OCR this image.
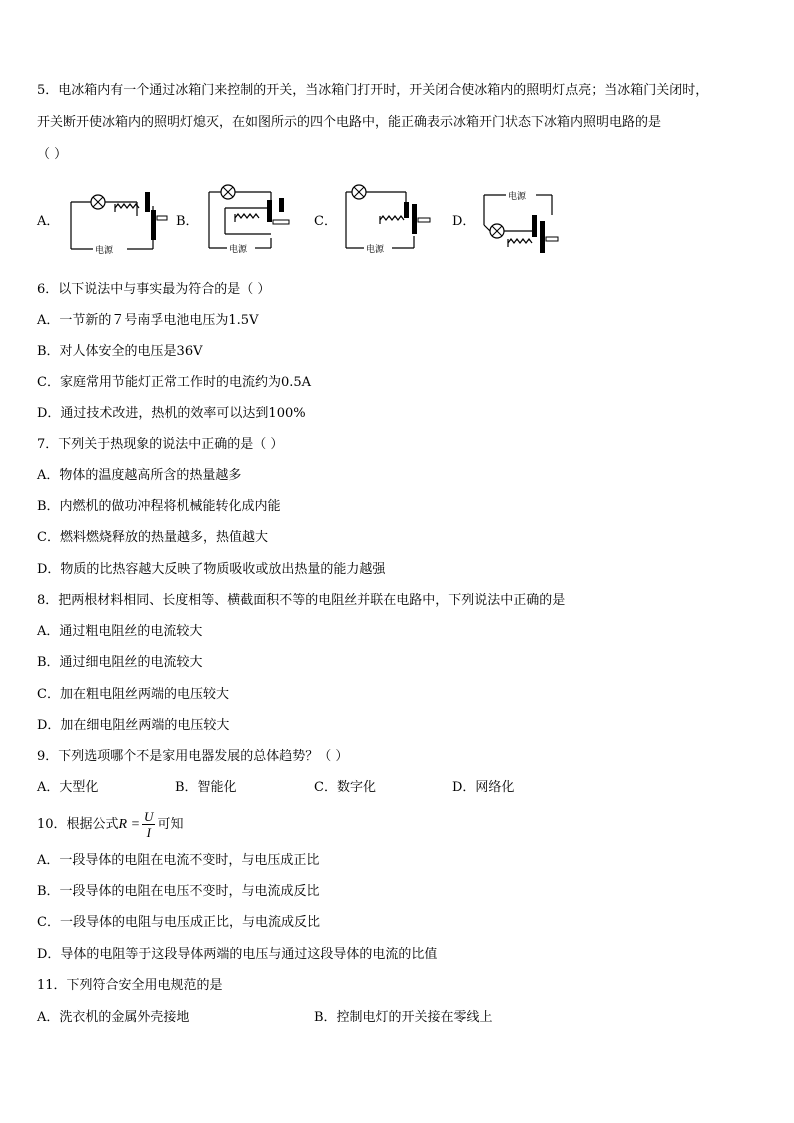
5．电冰箱内有一个通过冰箱门来控制的开关，当冰箱门打开时，开关闭合使冰箱内的照明灯点亮；当冰箱门关闭时，
开关断开使冰箱内的照明灯熄灭，在如图所示的四个电路中，能正确表示冰箱开门状态下冰箱内照明电路的是
（ ）
A．
电源
B．
电源
C．
电源
D．
电源
6．以下说法中与事实最为符合的是（ ）
A．一节新的７号南孚电池电压为1.5V
B．对人体安全的电压是36V
C．家庭常用节能灯正常工作时的电流约为0.5A
D．通过技术改进，热机的效率可以达到100%
7．下列关于热现象的说法中正确的是（ ）
A．物体的温度越高所含的热量越多
B．内燃机的做功冲程将机械能转化成内能
C．燃料燃烧释放的热量越多，热值越大
D．物质的比热容越大反映了物质吸收或放出热量的能力越强
8．把两根材料相同、长度相等、横截面积不等的电阻丝并联在电路中，下列说法中正确的是
A．通过粗电阻丝的电流较大
B．通过细电阻丝的电流较大
C．加在粗电阻丝两端的电压较大
D．加在细电阻丝两端的电压较大
9．下列选项哪个不是家用电器发展的总体趋势？（ ）
A．大型化	B．智能化	C．数字化	D．网络化
10．根据公式$R = \frac{U}{I}$ 可知
A．一段导体的电阻在电流不变时，与电压成正比
B．一段导体的电阻在电压不变时，与电流成反比
C．一段导体的电阻与电压成正比，与电流成反比
D．导体的电阻等于这段导体两端的电压与通过这段导体的电流的比值
11．下列符合安全用电规范的是
A．洗衣机的金属外壳接地	B．控制电灯的开关接在零线上
